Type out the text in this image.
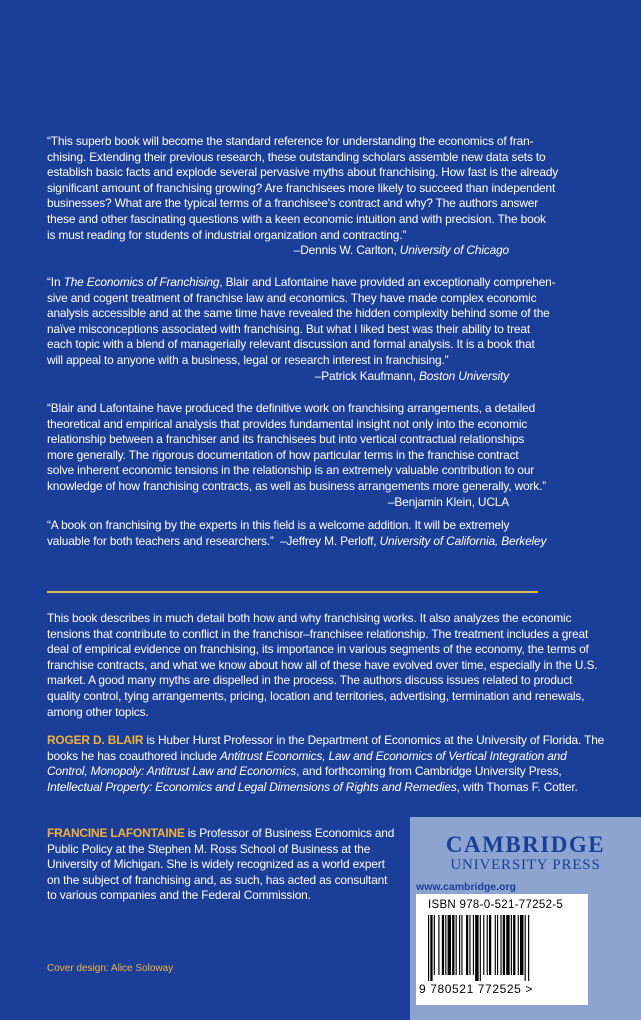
“This superb book will become the standard reference for understanding the economics of fran-

chising. Extending their previous research, these outstanding scholars assemble new data sets to

establish basic facts and explode several pervasive myths about franchising. How fast is the already

significant amount of franchising growing? Are franchisees more likely to succeed than independent

businesses? What are the typical terms of a franchisee's contract and why? The authors answer

these and other fascinating questions with a keen economic intuition and with precision. The book

is must reading for students of industrial organization and contracting.”

–Dennis W. Carlton, University of Chicago

“In The Economics of Franchising, Blair and Lafontaine have provided an exceptionally comprehen-

sive and cogent treatment of franchise law and economics. They have made complex economic

analysis accessible and at the same time have revealed the hidden complexity behind some of the

naïve misconceptions associated with franchising. But what I liked best was their ability to treat

each topic with a blend of managerially relevant discussion and formal analysis. It is a book that

will appeal to anyone with a business, legal or research interest in franchising.”

–Patrick Kaufmann, Boston University

“Blair and Lafontaine have produced the definitive work on franchising arrangements, a detailed

theoretical and empirical analysis that provides fundamental insight not only into the economic

relationship between a franchiser and its franchisees but into vertical contractual relationships

more generally. The rigorous documentation of how particular terms in the franchise contract

solve inherent economic tensions in the relationship is an extremely valuable contribution to our

knowledge of how franchising contracts, as well as business arrangements more generally, work.”

–Benjamin Klein, UCLA

“A book on franchising by the experts in this field is a welcome addition. It will be extremely

valuable for both teachers and researchers.” –Jeffrey M. Perloff, University of California, Berkeley

This book describes in much detail both how and why franchising works. It also analyzes the economic tensions that contribute to conflict in the franchisor–franchisee relationship. The treatment includes a great deal of empirical evidence on franchising, its importance in various segments of the economy, the terms of franchise contracts, and what we know about how all of these have evolved over time, especially in the U.S. market. A good many myths are dispelled in the process. The authors discuss issues related to product quality control, tying arrangements, pricing, location and territories, advertising, termination and renewals, among other topics.

ROGER D. BLAIR is Huber Hurst Professor in the Department of Economics at the University of Florida. The books he has coauthored include Antitrust Economics, Law and Economics of Vertical Integration and Control, Monopoly: Antitrust Law and Economics, and forthcoming from Cambridge University Press, Intellectual Property: Economics and Legal Dimensions of Rights and Remedies, with Thomas F. Cotter.

FRANCINE LAFONTAINE is Professor of Business Economics and Public Policy at the Stephen M. Ross School of Business at the University of Michigan. She is widely recognized as a world expert on the subject of franchising and, as such, has acted as consultant to various companies and the Federal Commission.

Cover design: Alice Soloway
CAMBRIDGE
UNIVERSITY PRESS
www.cambridge.org
ISBN 978-0-521-77252-5
9 780521 772525 >
